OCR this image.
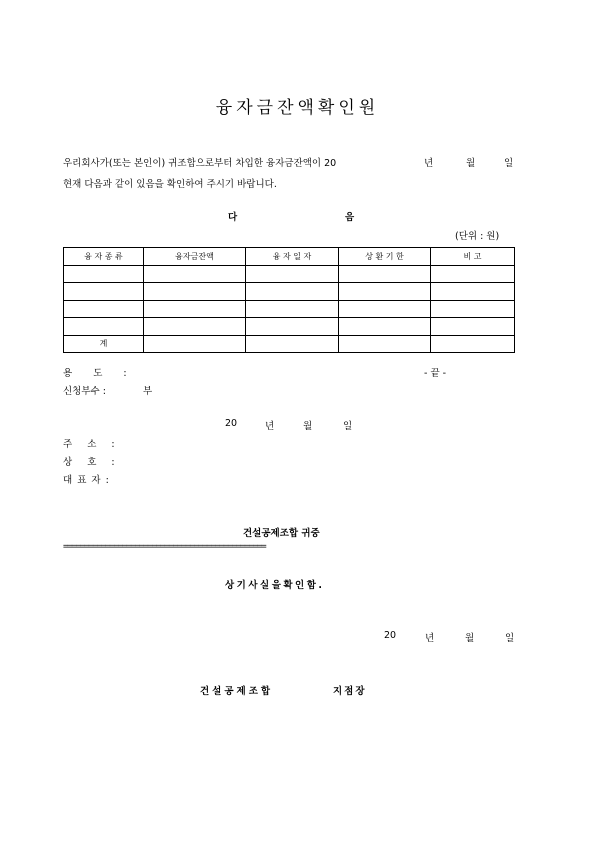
융자금잔액확인원
우리회사가(또는 본인이) 귀조합으로부터 차입한 융자금잔액이 20	년	월	일
현재 다음과 같이 있음을 확인하여 주시기 바랍니다.
다	음
(단위 : 원)
융 자 종 류	융자금잔액	융 자 일 자	상 환 기 한	비 고

계				
용 도 :	- 끝 -
신청부수 :	부
20	년	월	일
주 소 :
상 호 :
대 표 자 :
건설공제조합 귀중
================================================
상기사실을확인함.
20	년	월	일
건설공제조합	지점장
